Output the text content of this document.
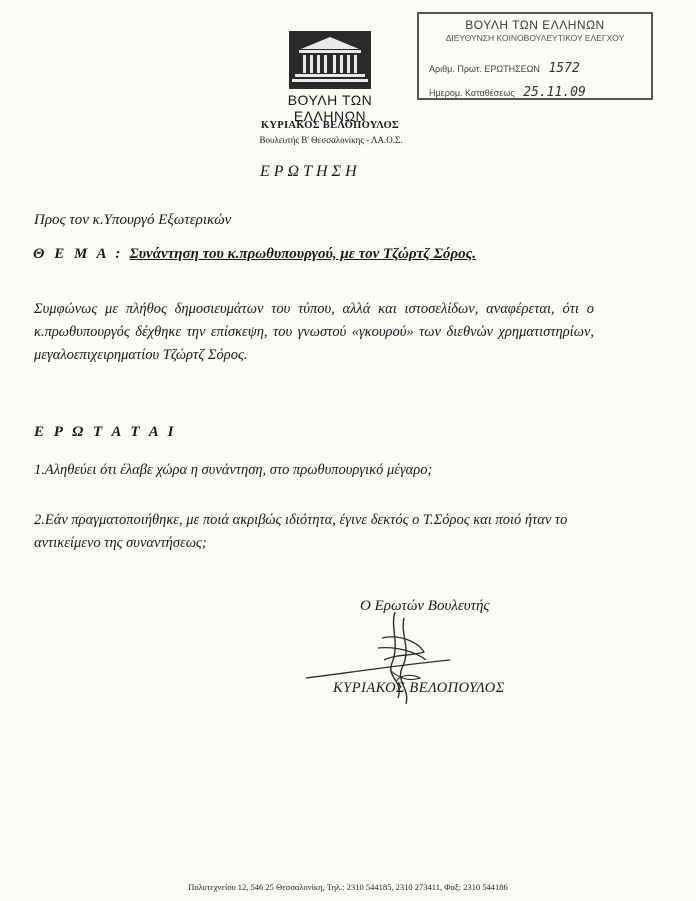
ΒΟΥΛΗ ΤΩΝ ΕΛΛΗΝΩΝ
ΔΙΕΥΘΥΝΣΗ ΚΟΙΝΟΒΟΥΛΕΥΤΙΚΟΥ ΕΛΕΓΧΟΥ
Αριθμ. Πρωτ. ΕΡΩΤΗΣΕΩΝ 1572
Ημερομ. Καταθέσεως 25.11.09
ΒΟΥΛΗ ΤΩΝ ΕΛΛΗΝΩΝ
ΚΥΡΙΑΚΟΣ ΒΕΛΟΠΟΥΛΟΣ
Βουλευτής Β' Θεσσαλονίκης - ΛΑ.Ο.Σ.
ΕΡΩΤΗΣΗ
Προς τον κ.Υπουργό Εξωτερικών
Θ Ε Μ Α : Συνάντηση του κ.πρωθυπουργού, με τον Τζώρτζ Σόρος.
Συμφώνως με πλήθος δημοσιευμάτων του τύπου, αλλά και ιστοσελίδων, αναφέρεται, ότι ο κ.πρωθυπουργός δέχθηκε την επίσκεψη, του γνωστού «γκουρού» των διεθνών χρηματιστηρίων, μεγαλοεπιχειρηματίου Τζώρτζ Σόρος.
Ε Ρ Ω Τ Α Τ Α Ι
1.Αληθεύει ότι έλαβε χώρα η συνάντηση, στο πρωθυπουργικό μέγαρο;
2.Εάν πραγματοποιήθηκε, με ποιά ακριβώς ιδιότητα, έγινε δεκτός ο Τ.Σόρος και ποιό ήταν το αντικείμενο της συναντήσεως;
Ο Ερωτών Βουλευτής
ΚΥΡΙΑΚΟΣ ΒΕΛΟΠΟΥΛΟΣ
Πολυτεχνείου 12, 546 25 Θεσσαλονίκη, Τηλ.: 2310 544185, 2310 273411, Φαξ: 2310 544186
